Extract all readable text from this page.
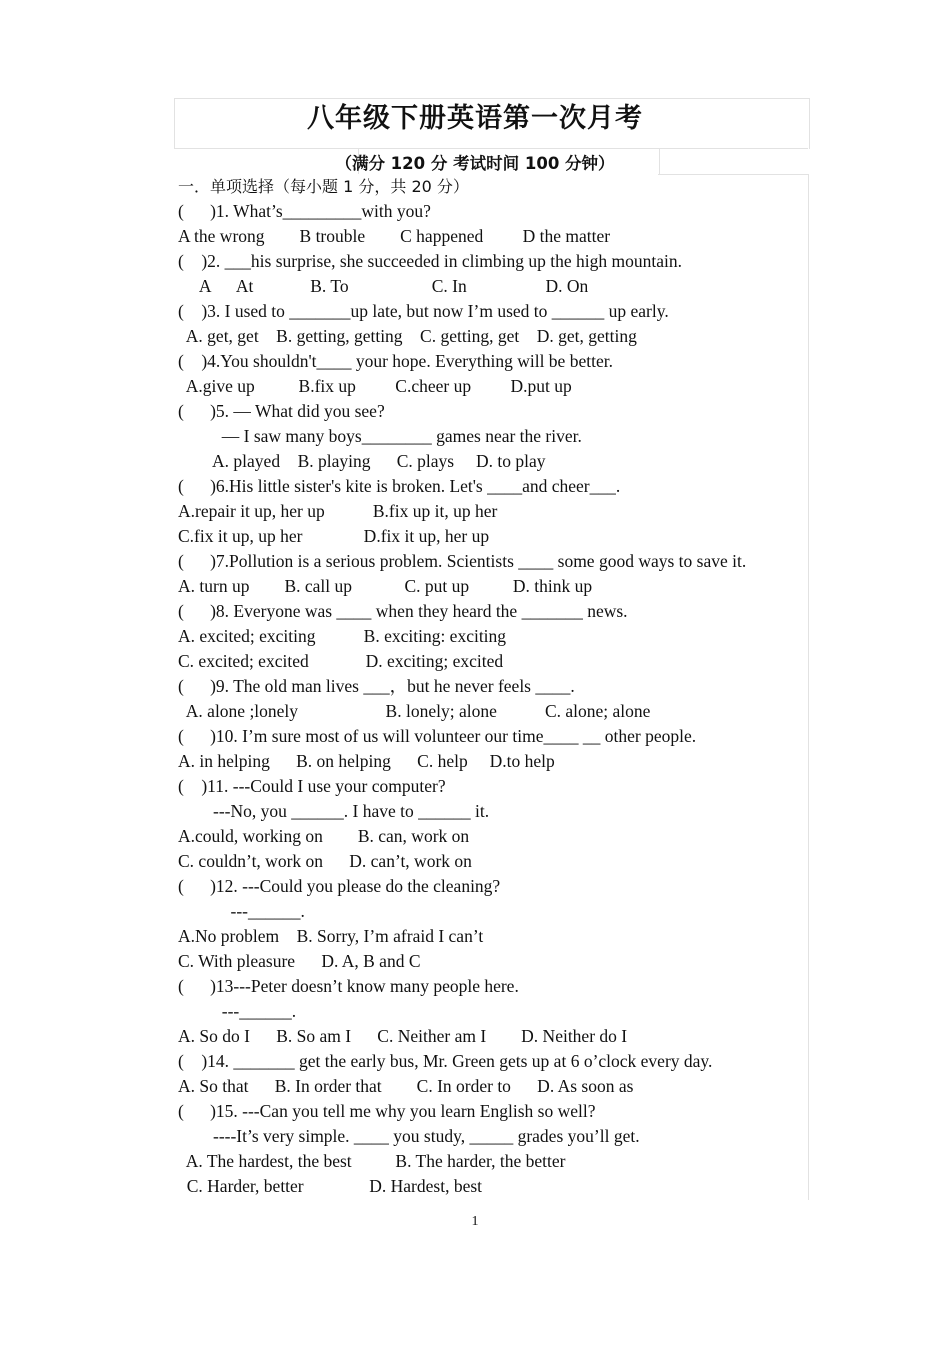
八年级下册英语第一次月考
（满分 120 分 考试时间 100 分钟）
一．单项选择（每小题 1 分，共 20 分）
(      )1. What’s_________with you?
A the wrong        B trouble        C happened         D the matter
(    )2. ___his surprise, she succeeded in climbing up the high mountain.
A      At             B. To                   C. In                  D. On
(    )3. I used to _______up late, but now I’m used to ______ up early.
A. get, get    B. getting, getting    C. getting, get    D. get, getting
(    )4.You shouldn't____ your hope. Everything will be better.
A.give up          B.fix up         C.cheer up         D.put up
(      )5. — What did you see?
— I saw many boys________ games near the river.
A. played    B. playing      C. plays     D. to play
(      )6.His little sister's kite is broken. Let's ____and cheer___.
A.repair it up, her up           B.fix up it, up her
C.fix it up, up her              D.fix it up, her up
(      )7.Pollution is a serious problem. Scientists ____ some good ways to save it.
A. turn up        B. call up            C. put up          D. think up
(      )8. Everyone was ____ when they heard the _______ news.
A. excited; exciting           B. exciting: exciting
C. excited; excited             D. exciting; excited
(      )9. The old man lives ___，but he never feels ____.
A. alone ;lonely                    B. lonely; alone           C. alone; alone
(      )10. I’m sure most of us will volunteer our time____ __ other people.
A. in helping      B. on helping      C. help     D.to help
(    )11. ---Could I use your computer?
---No, you ______. I have to ______ it.
A.could, working on        B. can, work on
C. couldn’t, work on      D. can’t, work on
(      )12. ---Could you please do the cleaning?
---______.
A.No problem    B. Sorry, I’m afraid I can’t
C. With pleasure      D. A, B and C
(      )13---Peter doesn’t know many people here.
---______.
A. So do I      B. So am I      C. Neither am I        D. Neither do I
(    )14. _______ get the early bus, Mr. Green gets up at 6 o’clock every day.
A. So that      B. In order that        C. In order to      D. As soon as
(      )15. ---Can you tell me why you learn English so well?
----It’s very simple. ____ you study, _____ grades you’ll get.
A. The hardest, the best          B. The harder, the better
C. Harder, better               D. Hardest, best
1
